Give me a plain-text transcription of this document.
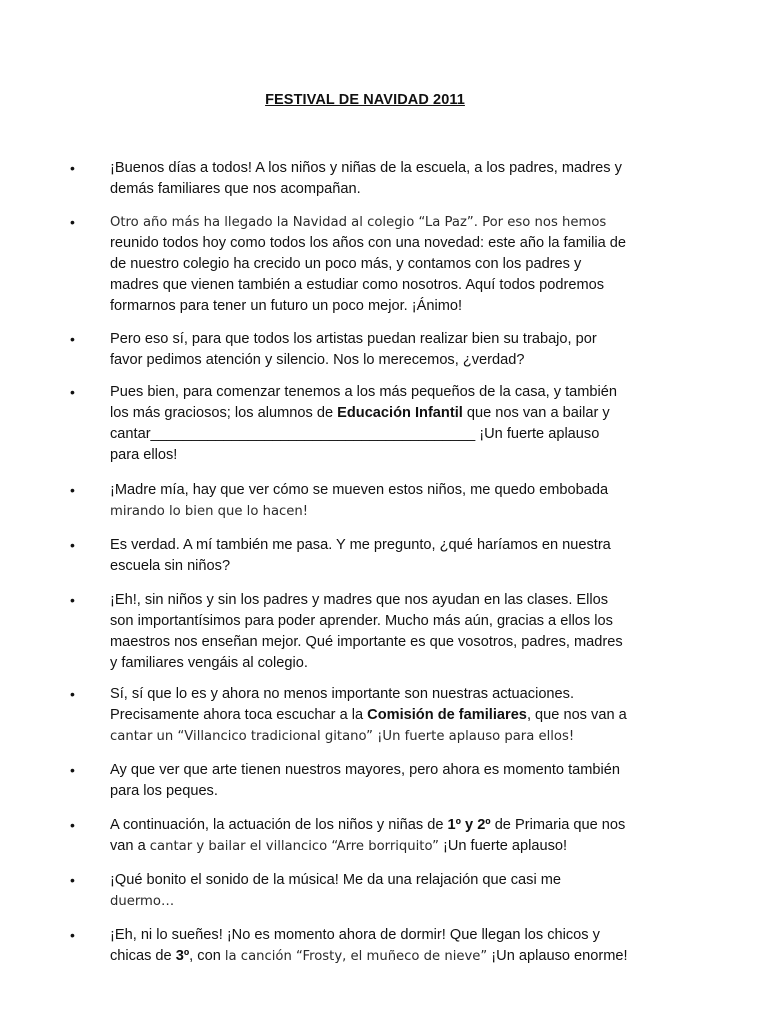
FESTIVAL DE NAVIDAD 2011
• ¡Buenos días a todos! A los niños y niñas de la escuela, a los padres, madres y
demás familiares que nos acompañan.
•	Otro año más ha llegado la Navidad al colegio “La Paz”. Por eso nos hemos
reunido todos hoy como todos los años con una novedad: este año la familia de
de nuestro colegio ha crecido un poco más, y contamos con los padres y
madres que vienen también a estudiar como nosotros. Aquí todos podremos
formarnos para tener un futuro un poco mejor. ¡Ánimo!
• Pero eso sí, para que todos los artistas puedan realizar bien su trabajo, por
favor pedimos atención y silencio. Nos lo merecemos, ¿verdad?
• Pues bien, para comenzar tenemos a los más pequeños de la casa, y también
los más graciosos; los alumnos de Educación Infantil que nos van a bailar y
cantar________________________________________ ¡Un fuerte aplauso
para ellos!
• ¡Madre mía, hay que ver cómo se mueven estos niños, me quedo embobada
mirando lo bien que lo hacen!
• Es verdad. A mí también me pasa. Y me pregunto, ¿qué haríamos en nuestra
escuela sin niños?
• ¡Eh!, sin niños y sin los padres y madres que nos ayudan en las clases. Ellos
son importantísimos para poder aprender. Mucho más aún, gracias a ellos los
maestros nos enseñan mejor. Qué importante es que vosotros, padres, madres
y familiares vengáis al colegio.
• Sí, sí que lo es y ahora no menos importante son nuestras actuaciones.
Precisamente ahora toca escuchar a la Comisión de familiares, que nos van a
cantar un “Villancico tradicional gitano” ¡Un fuerte aplauso para ellos!
• Ay que ver que arte tienen nuestros mayores, pero ahora es momento también
para los peques.
• A continuación, la actuación de los niños y niñas de 1º y 2º de Primaria que nos
van a cantar y bailar el villancico “Arre borriquito” ¡Un fuerte aplauso!
• ¡Qué bonito el sonido de la música! Me da una relajación que casi me
duermo…
• ¡Eh, ni lo sueñes! ¡No es momento ahora de dormir! Que llegan los chicos y
chicas de 3º, con la canción “Frosty, el muñeco de nieve” ¡Un aplauso enorme!
